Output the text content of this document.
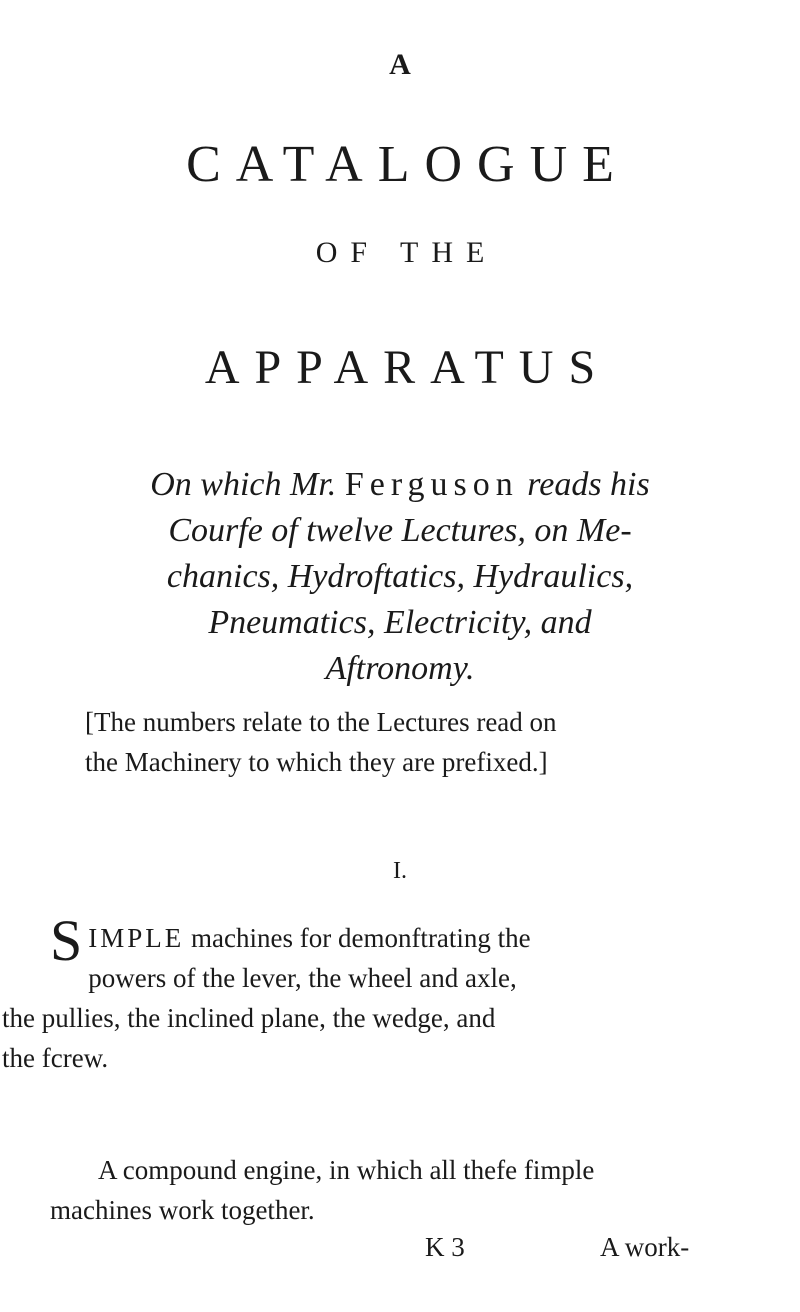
A
CATALOGUE
OF THE
APPARATUS
On which Mr. Ferguson reads his
Courfe of twelve Lectures, on Me-
chanics, Hydroftatics, Hydraulics,
Pneumatics, Electricity, and
Aftronomy.
[The numbers relate to the Lectures read on
the Machinery to which they are prefixed.]
I.
S IMPLE machines for demonftrating the
powers of the lever, the wheel and axle,
the pullies, the inclined plane, the wedge, and
the fcrew.
A compound engine, in which all thefe fimple
machines work together.
K 3	A work-
